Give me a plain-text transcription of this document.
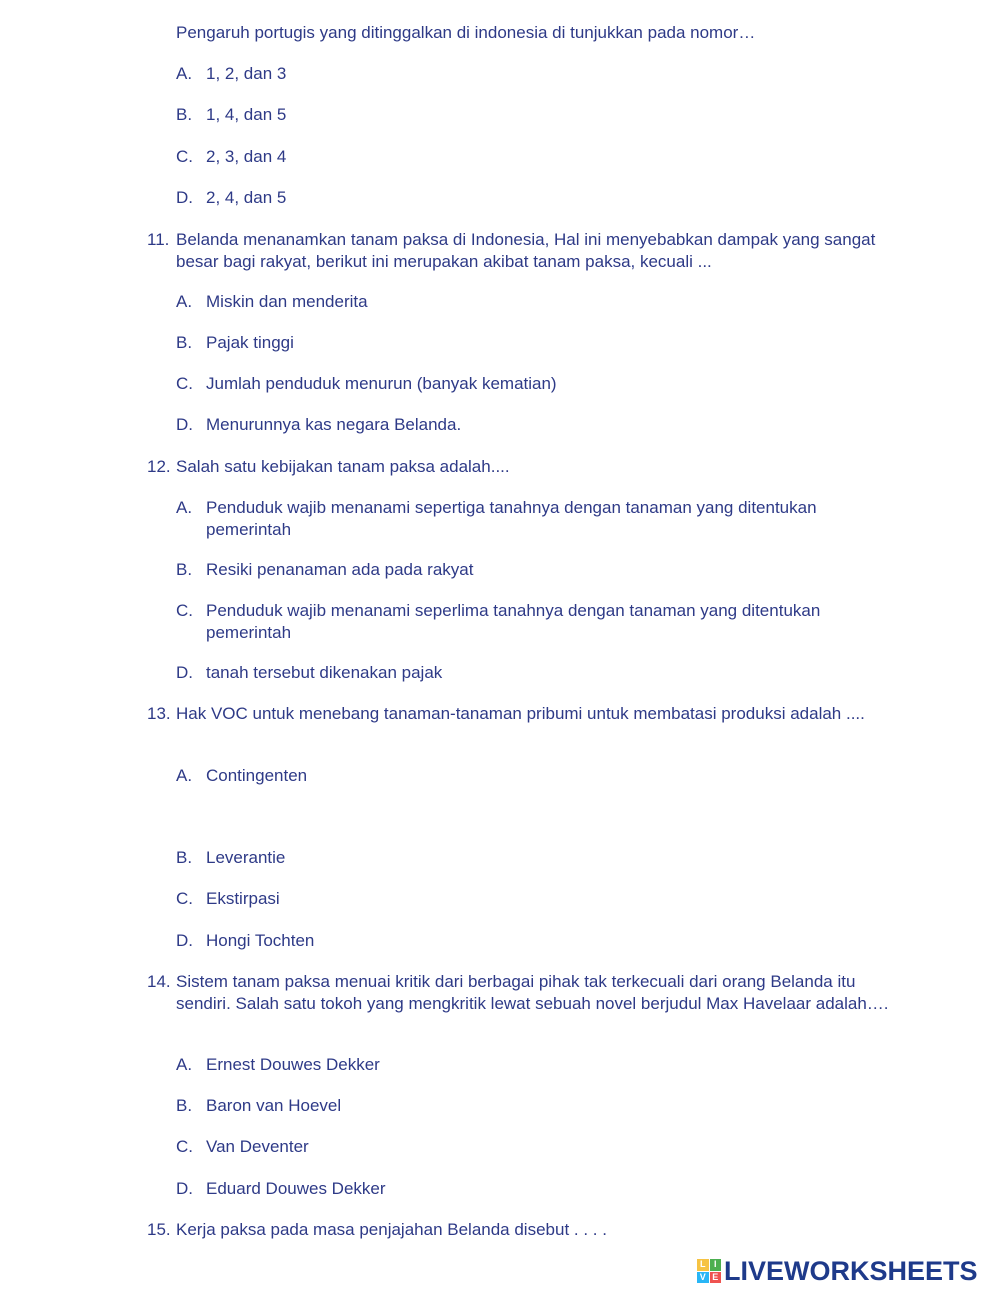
Pengaruh portugis yang ditinggalkan di indonesia di tunjukkan pada nomor…
A. 1, 2, dan 3
B. 1, 4, dan 5
C. 2, 3, dan 4
D. 2, 4, dan 5
11. Belanda menanamkan tanam paksa di Indonesia, Hal ini menyebabkan dampak yang sangat besar bagi rakyat, berikut ini merupakan akibat tanam paksa, kecuali ...
A. Miskin dan menderita
B. Pajak tinggi
C. Jumlah penduduk menurun (banyak kematian)
D. Menurunnya kas negara Belanda.
12. Salah satu kebijakan tanam paksa adalah....
A. Penduduk wajib menanami sepertiga tanahnya dengan tanaman yang ditentukan pemerintah
B. Resiki penanaman ada pada rakyat
C. Penduduk wajib menanami seperlima tanahnya dengan tanaman yang ditentukan pemerintah
D. tanah tersebut dikenakan pajak
13. Hak VOC untuk menebang tanaman-tanaman pribumi untuk membatasi produksi adalah ....
A. Contingenten
B. Leverantie
C. Ekstirpasi
D. Hongi Tochten
14. Sistem tanam paksa menuai kritik dari berbagai pihak tak terkecuali dari orang Belanda itu sendiri. Salah satu tokoh yang mengkritik lewat sebuah novel berjudul Max Havelaar adalah….
A. Ernest Douwes Dekker
B. Baron van Hoevel
C. Van Deventer
D. Eduard Douwes Dekker
15. Kerja paksa pada masa penjajahan Belanda disebut . . . .
L I
V E LIVEWORKSHEETS
